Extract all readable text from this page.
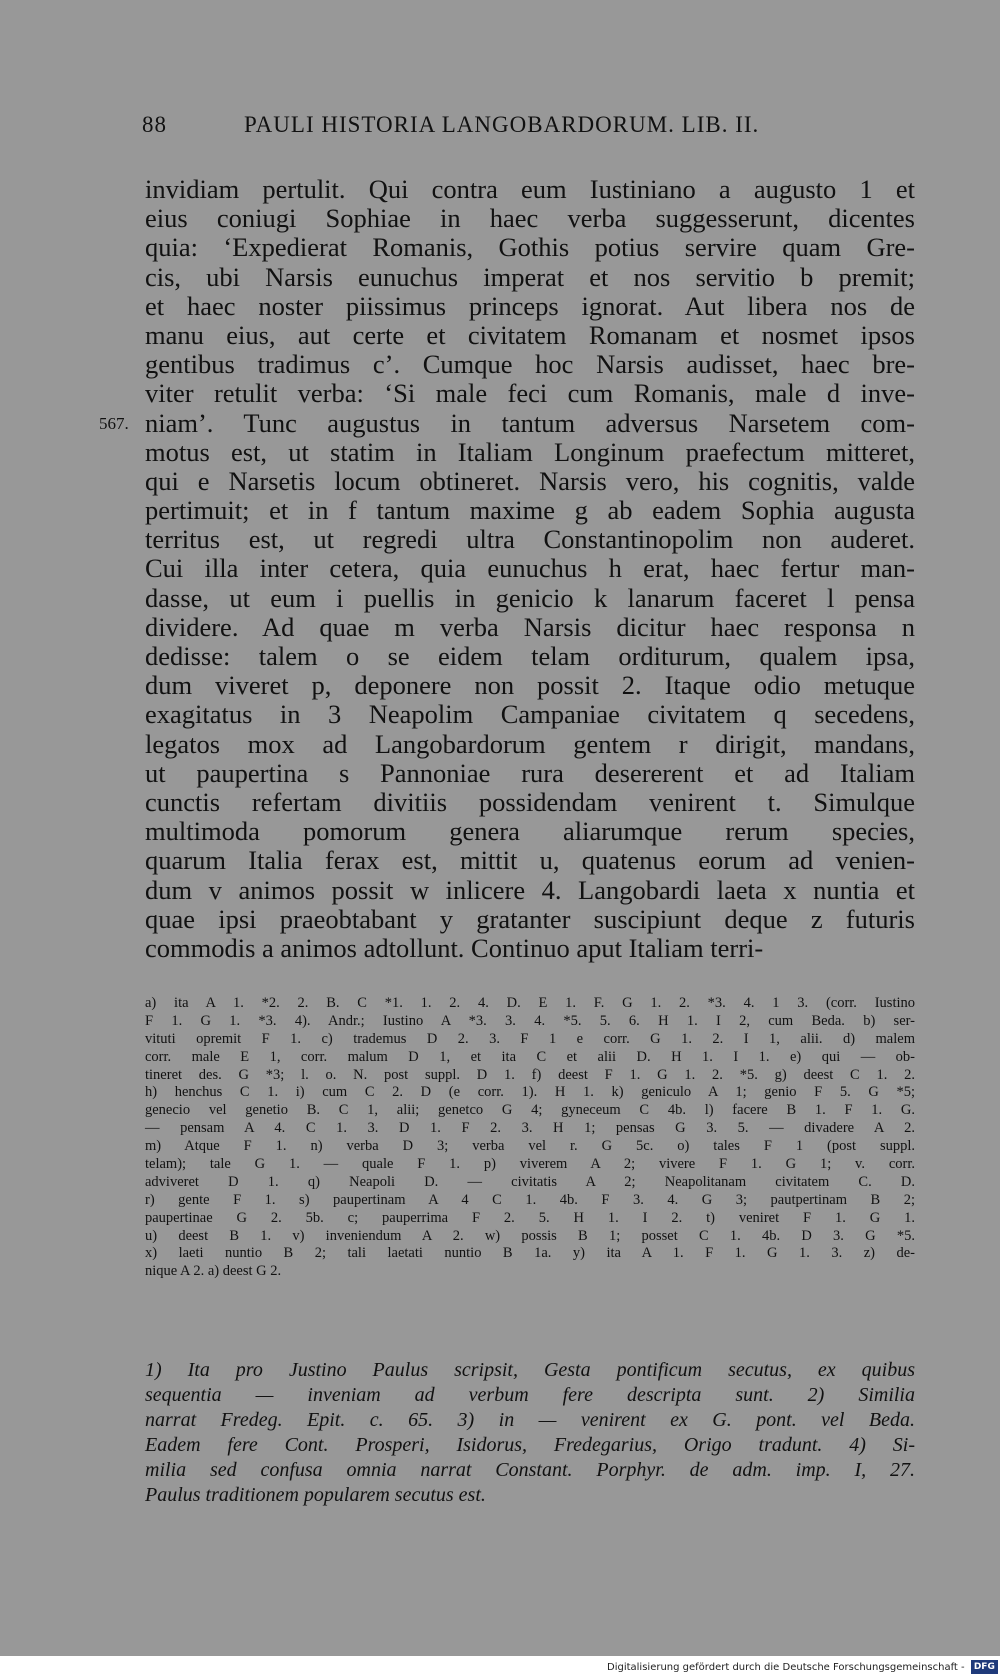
88	PAULI HISTORIA LANGOBARDORUM. LIB. II.
invidiam pertulit. Qui contra eum Iustiniano a augusto 1 et
eius coniugi Sophiae in haec verba suggesserunt, dicentes
quia: ‘Expedierat Romanis, Gothis potius servire quam Gre-
cis, ubi Narsis eunuchus imperat et nos servitio b premit;
et haec noster piissimus princeps ignorat. Aut libera nos de
manu eius, aut certe et civitatem Romanam et nosmet ipsos
gentibus tradimus c’. Cumque hoc Narsis audisset, haec bre-
viter retulit verba: ‘Si male feci cum Romanis, male d inve-
niam’. Tunc augustus in tantum adversus Narsetem com-
567.
motus est, ut statim in Italiam Longinum praefectum mitteret,
qui e Narsetis locum obtineret. Narsis vero, his cognitis, valde
pertimuit; et in f tantum maxime g ab eadem Sophia augusta
territus est, ut regredi ultra Constantinopolim non auderet.
Cui illa inter cetera, quia eunuchus h erat, haec fertur man-
dasse, ut eum i puellis in genicio k lanarum faceret l pensa
dividere. Ad quae m verba Narsis dicitur haec responsa n
dedisse: talem o se eidem telam orditurum, qualem ipsa,
dum viveret p, deponere non possit 2. Itaque odio metuque
exagitatus in 3 Neapolim Campaniae civitatem q secedens,
legatos mox ad Langobardorum gentem r dirigit, mandans,
ut paupertina s Pannoniae rura desererent et ad Italiam
cunctis refertam divitiis possidendam venirent t. Simulque
multimoda pomorum genera aliarumque rerum species,
quarum Italia ferax est, mittit u, quatenus eorum ad venien-
dum v animos possit w inlicere 4. Langobardi laeta x nuntia et
quae ipsi praeobtabant y gratanter suscipiunt deque z futuris
commodis a animos adtollunt. Continuo aput Italiam terri-
a) ita A 1. *2. 2. B. C *1. 1. 2. 4. D. E 1. F. G 1. 2. *3. 4. 1 3. (corr. Iustino
F 1. G 1. *3. 4). Andr.; Iustino A *3. 3. 4. *5. 5. 6. H 1. I 2, cum Beda. b) ser-
vituti opremit F 1. c) trademus D 2. 3. F 1 e corr. G 1. 2. I 1, alii. d) malem
corr. male E 1, corr. malum D 1, et ita C et alii D. H 1. I 1. e) qui — ob-
tineret des. G *3; l. o. N. post suppl. D 1. f) deest F 1. G 1. 2. *5. g) deest C 1. 2.
h) henchus C 1. i) cum C 2. D (e corr. 1). H 1. k) geniculo A 1; genio F 5. G *5;
genecio vel genetio B. C 1, alii; genetco G 4; gyneceum C 4b. l) facere B 1. F 1. G.
— pensam A 4. C 1. 3. D 1. F 2. 3. H 1; pensas G 3. 5. — divadere A 2.
m) Atque F 1. n) verba D 3; verba vel r. G 5c. o) tales F 1 (post suppl.
telam); tale G 1. — quale F 1. p) viverem A 2; vivere F 1. G 1; v. corr.
adviveret D 1. q) Neapoli D. — civitatis A 2; Neapolitanam civitatem C. D.
r) gente F 1. s) paupertinam A 4 C 1. 4b. F 3. 4. G 3; pautpertinam B 2;
paupertinae G 2. 5b. c; pauperrima F 2. 5. H 1. I 2. t) veniret F 1. G 1.
u) deest B 1. v) inveniendum A 2. w) possis B 1; posset C 1. 4b. D 3. G *5.
x) laeti nuntio B 2; tali laetati nuntio B 1a. y) ita A 1. F 1. G 1. 3. z) de-
nique A 2. a) deest G 2.
1) Ita pro Justino Paulus scripsit, Gesta pontificum secutus, ex quibus
sequentia — inveniam ad verbum fere descripta sunt. 2) Similia
narrat Fredeg. Epit. c. 65. 3) in — venirent ex G. pont. vel Beda.
Eadem fere Cont. Prosperi, Isidorus, Fredegarius, Origo tradunt. 4) Si-
milia sed confusa omnia narrat Constant. Porphyr. de adm. imp. I, 27.
Paulus traditionem popularem secutus est.
Digitalisierung gefördert durch die Deutsche Forschungsgemeinschaft - DFG
